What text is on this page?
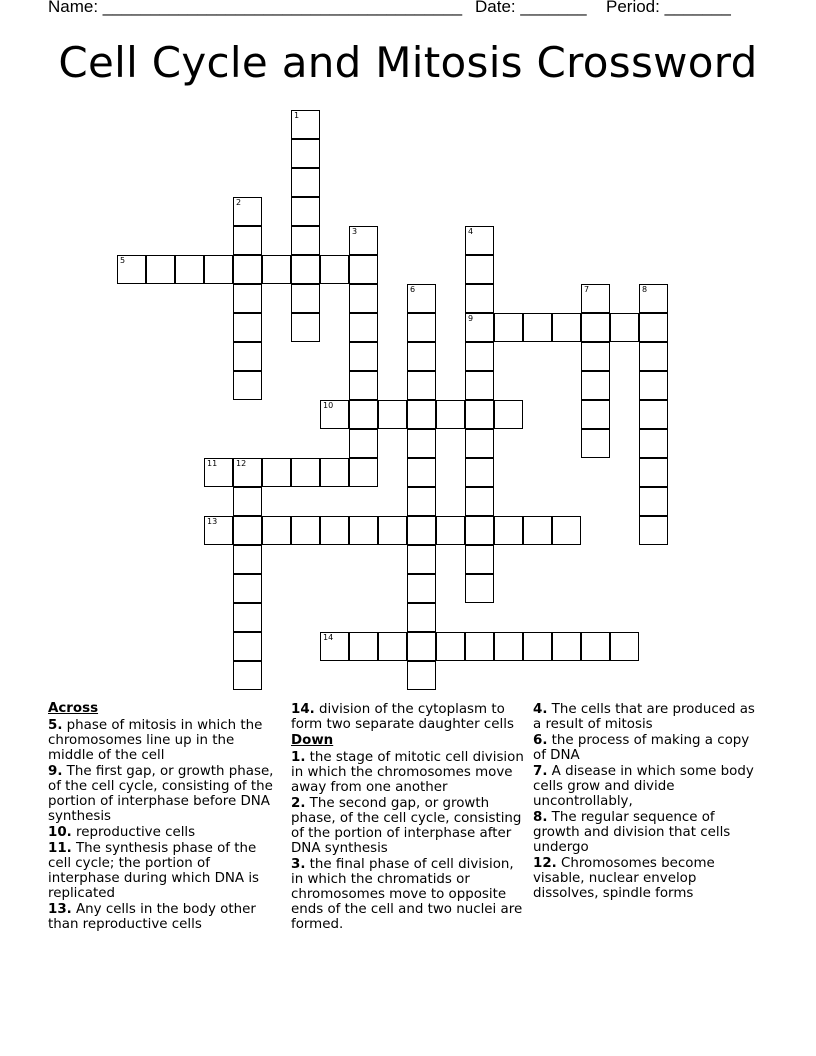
Name: ______________________________________ Date: _______ Period: _______
Cell Cycle and Mitosis Crossword
1
2
3	4
9
5
6	7	8
10
11 12
13
14
Across
5. phase of mitosis in which the chromosomes line up in the middle of the cell
9. The first gap, or growth phase, of the cell cycle, consisting of the portion of interphase before DNA synthesis
10. reproductive cells
11. The synthesis phase of the cell cycle; the portion of interphase during which DNA is replicated
13. Any cells in the body other than reproductive cells
14. division of the cytoplasm to form two separate daughter cells
Down
1. the stage of mitotic cell division in which the chromosomes move away from one another
2. The second gap, or growth phase, of the cell cycle, consisting of the portion of interphase after DNA synthesis
3. the final phase of cell division, in which the chromatids or chromosomes move to opposite ends of the cell and two nuclei are formed.
4. The cells that are produced as a result of mitosis
6. the process of making a copy of DNA
7. A disease in which some body cells grow and divide uncontrollably,
8. The regular sequence of growth and division that cells undergo
12. Chromosomes become visable, nuclear envelop dissolves, spindle forms
